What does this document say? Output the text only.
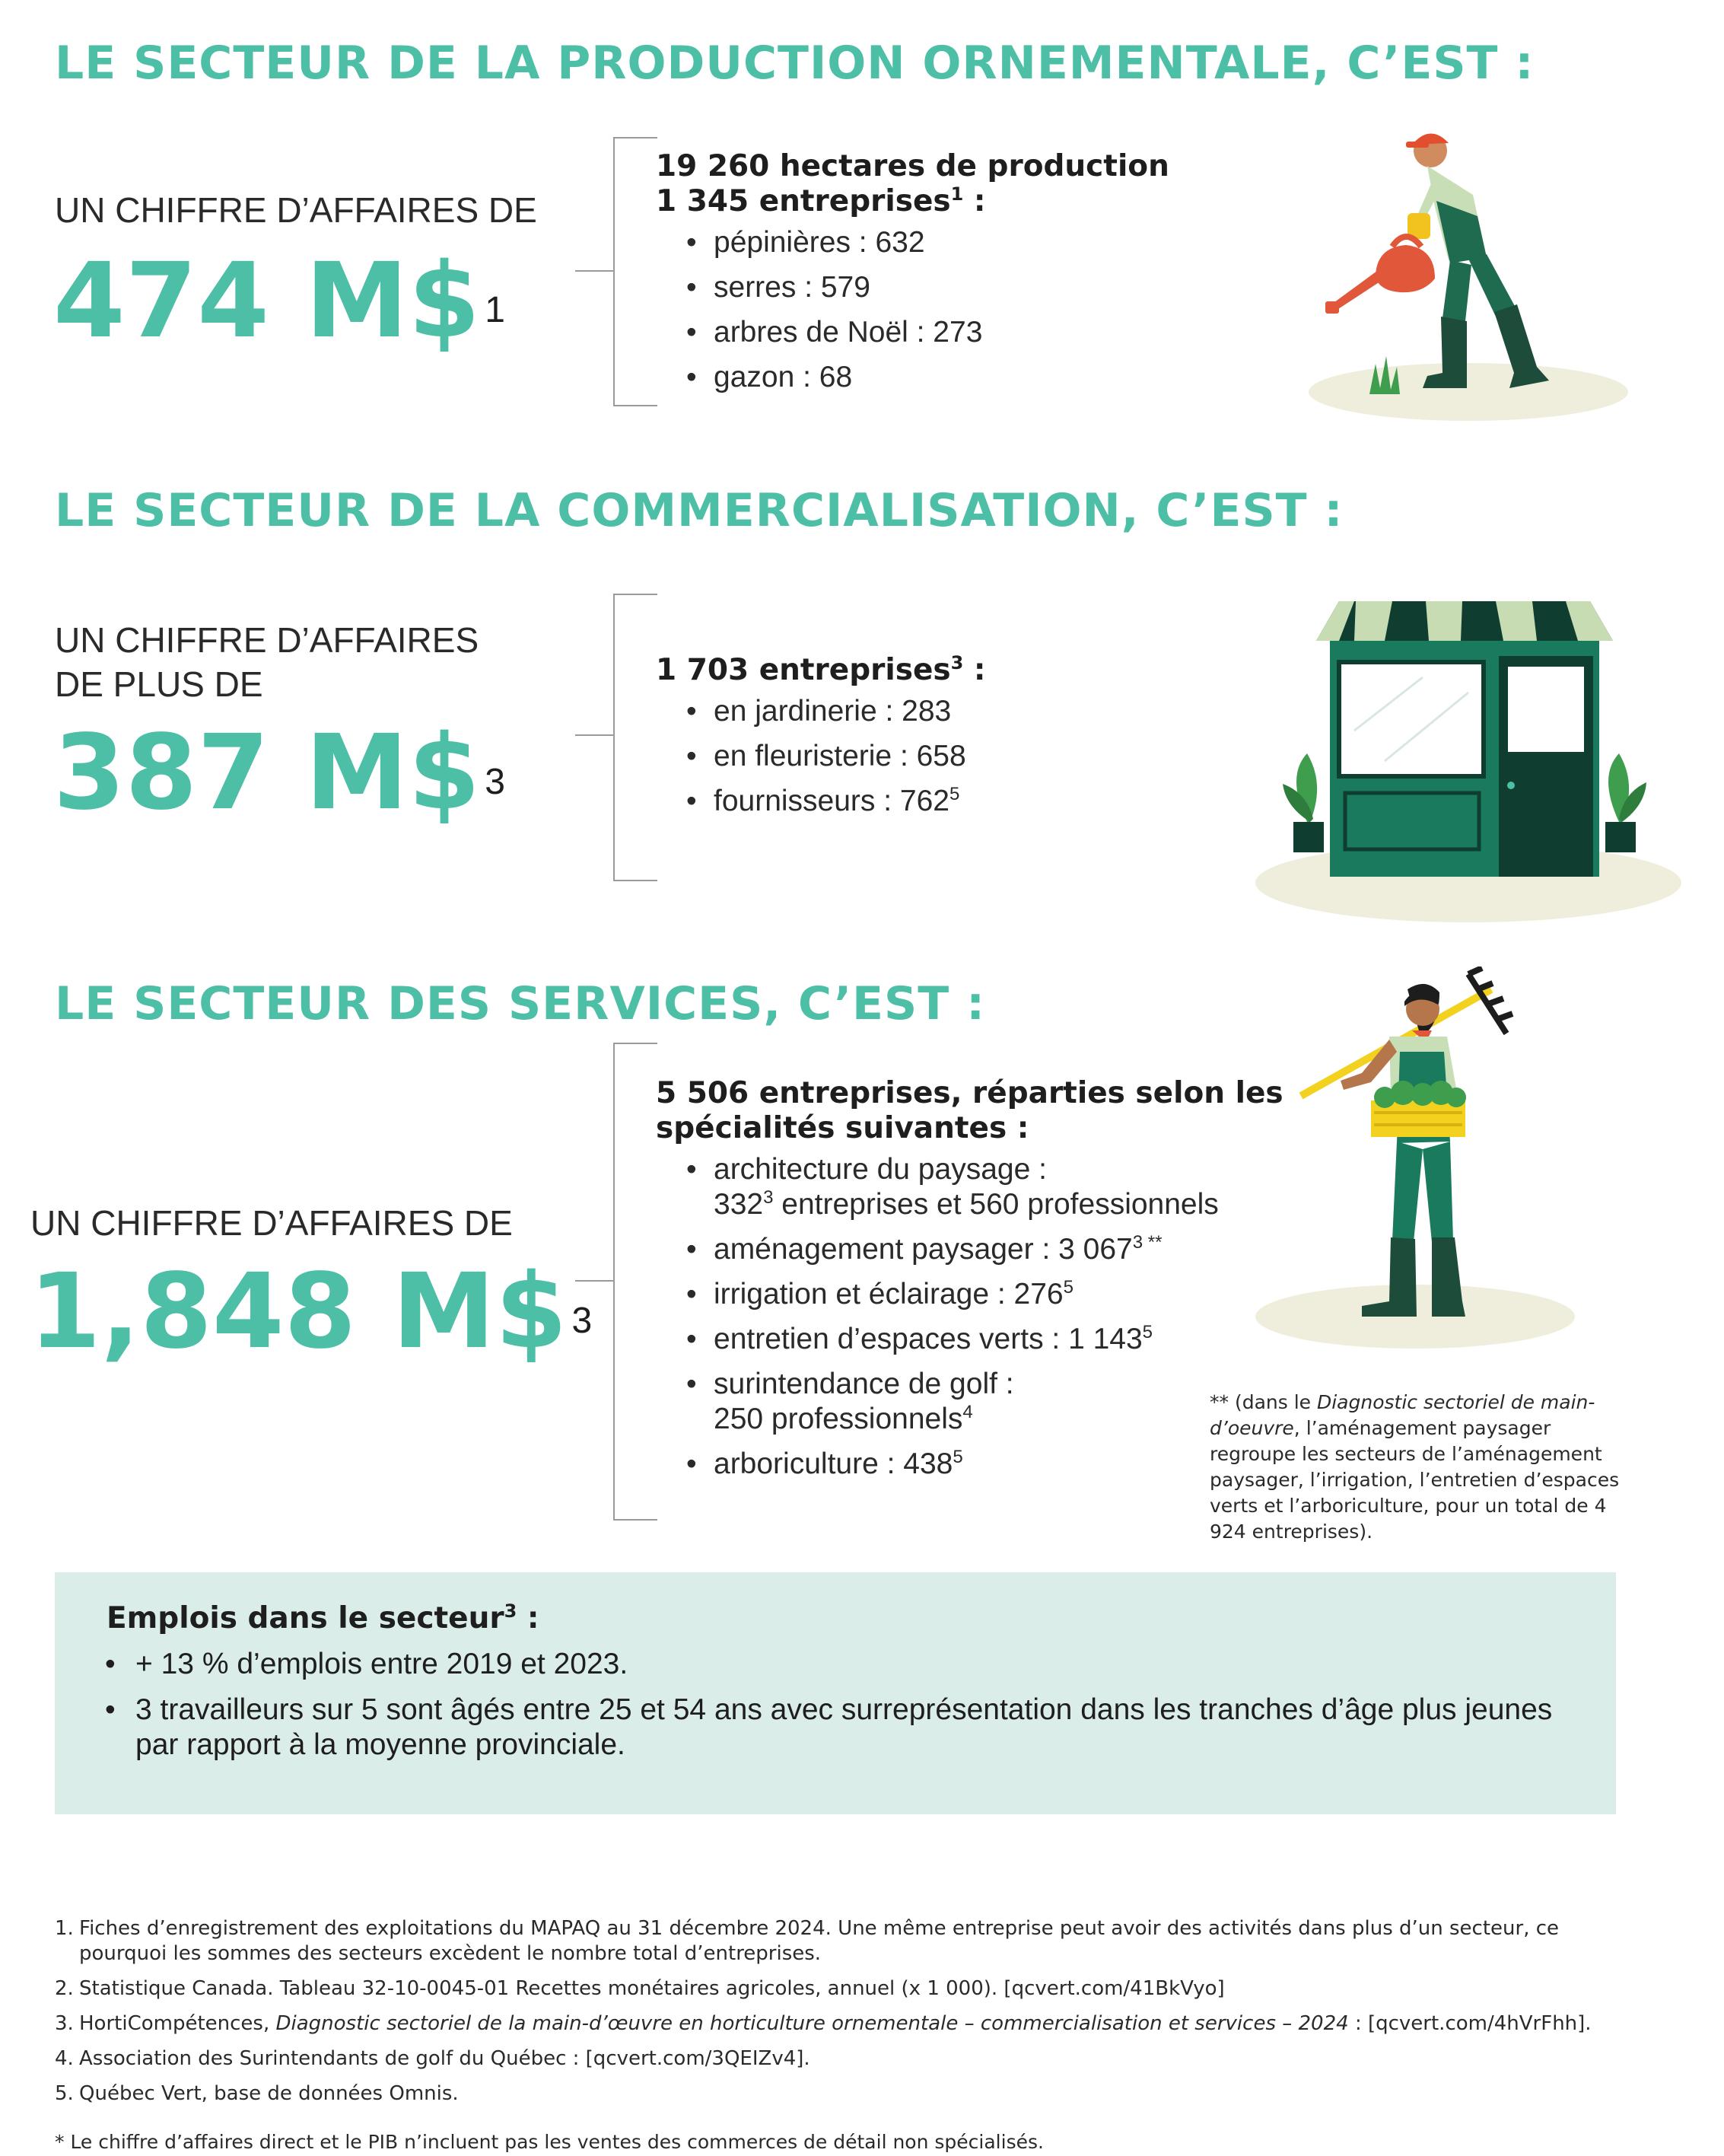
LE SECTEUR DE LA PRODUCTION ORNEMENTALE, C’EST :

UN CHIFFRE D’AFFAIRES DE

474 M$ $^1$

19 260 hectares de production

1 345 entreprises$^1$ :

• pépinières : 632
• serres : 579
• arbres de Noël : 273
• gazon : 68
LE SECTEUR DE LA COMMERCIALISATION, C’EST :

UN CHIFFRE D’AFFAIRES

DE PLUS DE

387 M$ $^3$

1 703 entreprises$^3$ :

• en jardinerie : 283
• en fleuristerie : 658
• fournisseurs : $762^5$
LE SECTEUR DES SERVICES, C’EST :

UN CHIFFRE D’AFFAIRES DE

1,848 M$ $^3$

5 506 entreprises, réparties selon les

spécialités suivantes :

• architecture du paysage :
$332^3$ entreprises et 560 professionnels
• aménagement paysager : 3 $067^{3 **}$
• irrigation et éclairage : $276^5$
• entretien d’espaces verts : 1 $143^5$
• surintendance de golf :
250 professionnels$^4$
• arboriculture : $438^5$

** (dans le Diagnostic sectoriel de main-d’oeuvre, l’aménagement paysager regroupe les secteurs de l’aménagement paysager, l’irrigation, l’entretien d’espaces verts et l’arboriculture, pour un total de 4 924 entreprises).

Emplois dans le secteur$^3$ :
• + 13 % d’emplois entre 2019 et 2023.
• 3 travailleurs sur 5 sont âgés entre 25 et 54 ans avec surreprésentation dans les tranches d’âge plus jeunes par rapport à la moyenne provinciale.
1. Fiches d’enregistrement des exploitations du MAPAQ au 31 décembre 2024. Une même entreprise peut avoir des activités dans plus d’un secteur, ce pourquoi les sommes des secteurs excèdent le nombre total d’entreprises.
2. Statistique Canada. Tableau 32-10-0045-01 Recettes monétaires agricoles, annuel (x 1 000). [qcvert.com/41BkVyo]
3. HortiCompétences, Diagnostic sectoriel de la main-d’œuvre en horticulture ornementale – commercialisation et services – 2024 : [qcvert.com/4hVrFhh].
4. Association des Surintendants de golf du Québec : [qcvert.com/3QEIZv4].
5. Québec Vert, base de données Omnis.

* Le chiffre d’affaires direct et le PIB n’incluent pas les ventes des commerces de détail non spécialisés.
